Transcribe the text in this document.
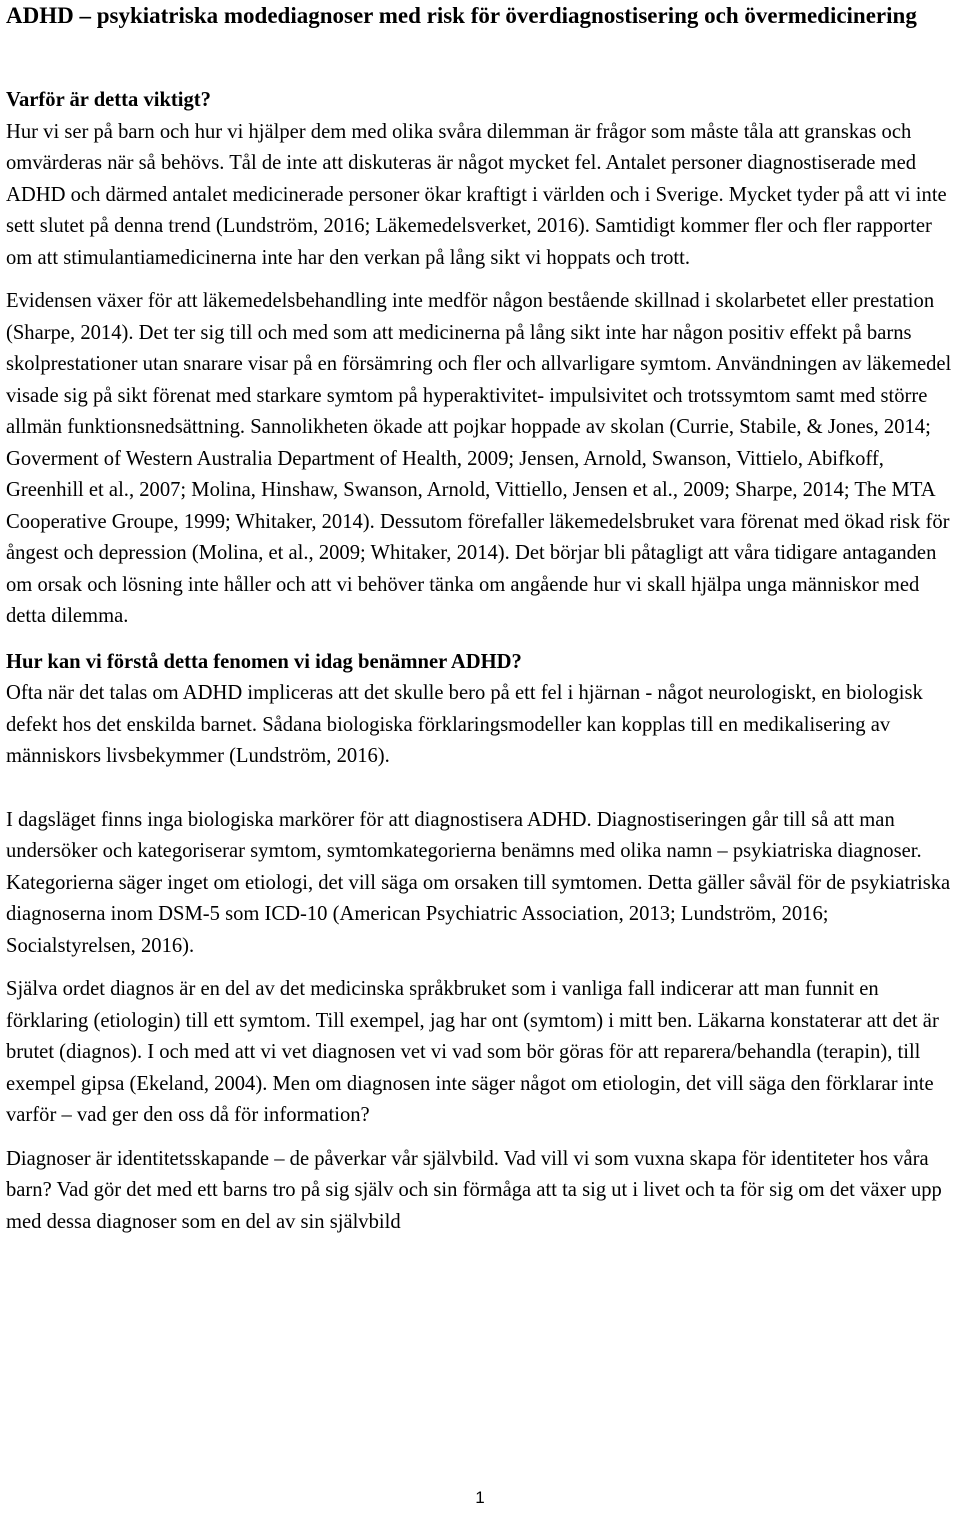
ADHD – psykiatriska modediagnoser med risk för överdiagnostisering och övermedicinering
Varför är detta viktigt?

Hur vi ser på barn och hur vi hjälper dem med olika svåra dilemman är frågor som måste tåla att granskas och omvärderas när så behövs. Tål de inte att diskuteras är något mycket fel. Antalet personer diagnostiserade med ADHD och därmed antalet medicinerade personer ökar kraftigt i världen och i Sverige. Mycket tyder på att vi inte sett slutet på denna trend (Lundström, 2016; Läkemedelsverket, 2016). Samtidigt kommer fler och fler rapporter om att stimulantiamedicinerna inte har den verkan på lång sikt vi hoppats och trott.

Evidensen växer för att läkemedelsbehandling inte medför någon bestående skillnad i skolarbetet eller prestation (Sharpe, 2014). Det ter sig till och med som att medicinerna på lång sikt inte har någon positiv effekt på barns skolprestationer utan snarare visar på en försämring och fler och allvarligare symtom. Användningen av läkemedel visade sig på sikt förenat med starkare symtom på hyperaktivitet- impulsivitet och trotssymtom samt med större allmän funktionsnedsättning. Sannolikheten ökade att pojkar hoppade av skolan (Currie, Stabile, & Jones, 2014; Goverment of Western Australia Department of Health, 2009; Jensen, Arnold, Swanson, Vittielo, Abifkoff, Greenhill et al., 2007; Molina, Hinshaw, Swanson, Arnold, Vittiello, Jensen et al., 2009; Sharpe, 2014; The MTA Cooperative Groupe, 1999; Whitaker, 2014). Dessutom förefaller läkemedelsbruket vara förenat med ökad risk för ångest och depression (Molina, et al., 2009; Whitaker, 2014). Det börjar bli påtagligt att våra tidigare antaganden om orsak och lösning inte håller och att vi behöver tänka om angående hur vi skall hjälpa unga människor med detta dilemma.

Hur kan vi förstå detta fenomen vi idag benämner ADHD?

Ofta när det talas om ADHD impliceras att det skulle bero på ett fel i hjärnan - något neurologiskt, en biologisk defekt hos det enskilda barnet. Sådana biologiska förklaringsmodeller kan kopplas till en medikalisering av människors livsbekymmer (Lundström, 2016).

I dagsläget finns inga biologiska markörer för att diagnostisera ADHD. Diagnostiseringen går till så att man undersöker och kategoriserar symtom, symtomkategorierna benämns med olika namn – psykiatriska diagnoser. Kategorierna säger inget om etiologi, det vill säga om orsaken till symtomen. Detta gäller såväl för de psykiatriska diagnoserna inom DSM-5 som ICD-10 (American Psychiatric Association, 2013; Lundström, 2016; Socialstyrelsen, 2016).

Själva ordet diagnos är en del av det medicinska språkbruket som i vanliga fall indicerar att man funnit en förklaring (etiologin) till ett symtom. Till exempel, jag har ont (symtom) i mitt ben. Läkarna konstaterar att det är brutet (diagnos). I och med att vi vet diagnosen vet vi vad som bör göras för att reparera/behandla (terapin), till exempel gipsa (Ekeland, 2004). Men om diagnosen inte säger något om etiologin, det vill säga den förklarar inte varför – vad ger den oss då för information?

Diagnoser är identitetsskapande – de påverkar vår självbild. Vad vill vi som vuxna skapa för identiteter hos våra barn? Vad gör det med ett barns tro på sig själv och sin förmåga att ta sig ut i livet och ta för sig om det växer upp med dessa diagnoser som en del av sin självbild

1
